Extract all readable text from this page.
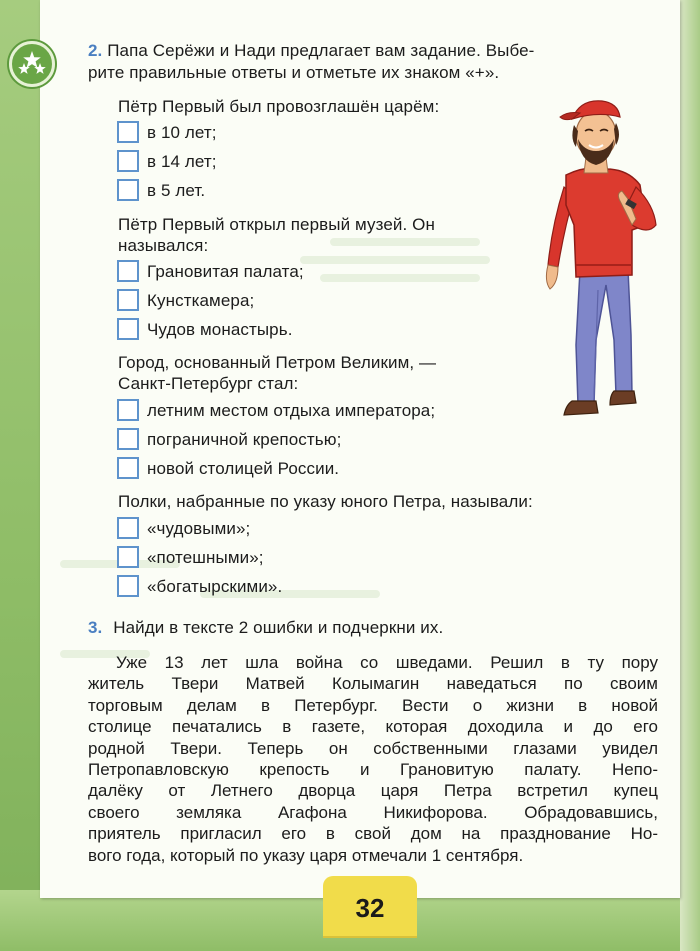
2. Папа Серёжи и Нади предлагает вам задание. Выбе-
рите правильные ответы и отметьте их знаком «+».
Пётр Первый был провозглашён царём:
в 10 лет;
в 14 лет;
в 5 лет.
Пётр Первый открыл первый музей. Он
назывался:
Грановитая палата;
Кунсткамера;
Чудов монастырь.
Город, основанный Петром Великим, —
Санкт-Петербург стал:
летним местом отдыха императора;
пограничной крепостью;
новой столицей России.
Полки, набранные по указу юного Петра, называли:
«чудовыми»;
«потешными»;
«богатырскими».
3. Найди в тексте 2 ошибки и подчеркни их.
Уже 13 лет шла война со шведами. Решил в ту пору
житель Твери Матвей Колымагин наведаться по своим
торговым делам в Петербург. Вести о жизни в новой
столице печатались в газете, которая доходила и до его
родной Твери. Теперь он собственными глазами увидел
Петропавловскую крепость и Грановитую палату. Непо-
далёку от Летнего дворца царя Петра встретил купец
своего земляка Агафона Никифорова. Обрадовавшись,
приятель пригласил его в свой дом на празднование Но-
вого года, который по указу царя отмечали 1 сентября.
32
